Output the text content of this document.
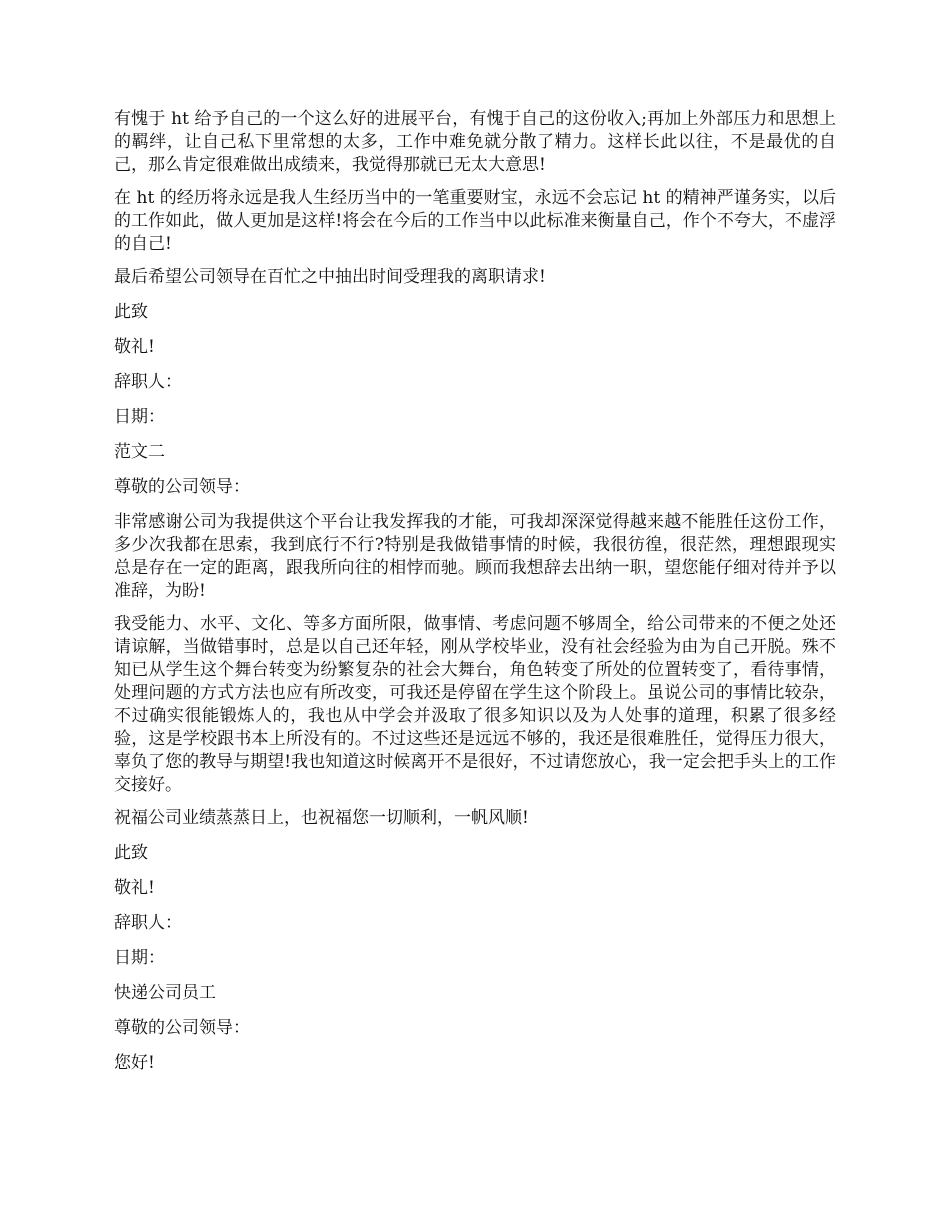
有愧于 ht 给予自己的一个这么好的进展平台，有愧于自己的这份收入;再加上外部压力和思想上的羁绊，让自己私下里常想的太多，工作中难免就分散了精力。这样长此以往，不是最优的自己，那么肯定很难做出成绩来，我觉得那就已无太大意思!

在 ht 的经历将永远是我人生经历当中的一笔重要财宝，永远不会忘记 ht 的精神严谨务实，以后的工作如此，做人更加是这样!将会在今后的工作当中以此标准来衡量自己，作个不夸大，不虚浮的自己!

最后希望公司领导在百忙之中抽出时间受理我的离职请求!

此致

敬礼!

辞职人：

日期：

范文二

尊敬的公司领导：

非常感谢公司为我提供这个平台让我发挥我的才能，可我却深深觉得越来越不能胜任这份工作，多少次我都在思索，我到底行不行?特别是我做错事情的时候，我很彷徨，很茫然，理想跟现实总是存在一定的距离，跟我所向往的相悖而驰。顾而我想辞去出纳一职，望您能仔细对待并予以准辞，为盼!

我受能力、水平、文化、等多方面所限，做事情、考虑问题不够周全，给公司带来的不便之处还请谅解，当做错事时，总是以自己还年轻，刚从学校毕业，没有社会经验为由为自己开脱。殊不知已从学生这个舞台转变为纷繁复杂的社会大舞台，角色转变了所处的位置转变了，看待事情，处理问题的方式方法也应有所改变，可我还是停留在学生这个阶段上。虽说公司的事情比较杂，不过确实很能锻炼人的，我也从中学会并汲取了很多知识以及为人处事的道理，积累了很多经验，这是学校跟书本上所没有的。不过这些还是远远不够的，我还是很难胜任，觉得压力很大，辜负了您的教导与期望!我也知道这时候离开不是很好，不过请您放心，我一定会把手头上的工作交接好。

祝福公司业绩蒸蒸日上，也祝福您一切顺利，一帆风顺!

此致

敬礼!

辞职人：

日期：

快递公司员工

尊敬的公司领导：

您好!
